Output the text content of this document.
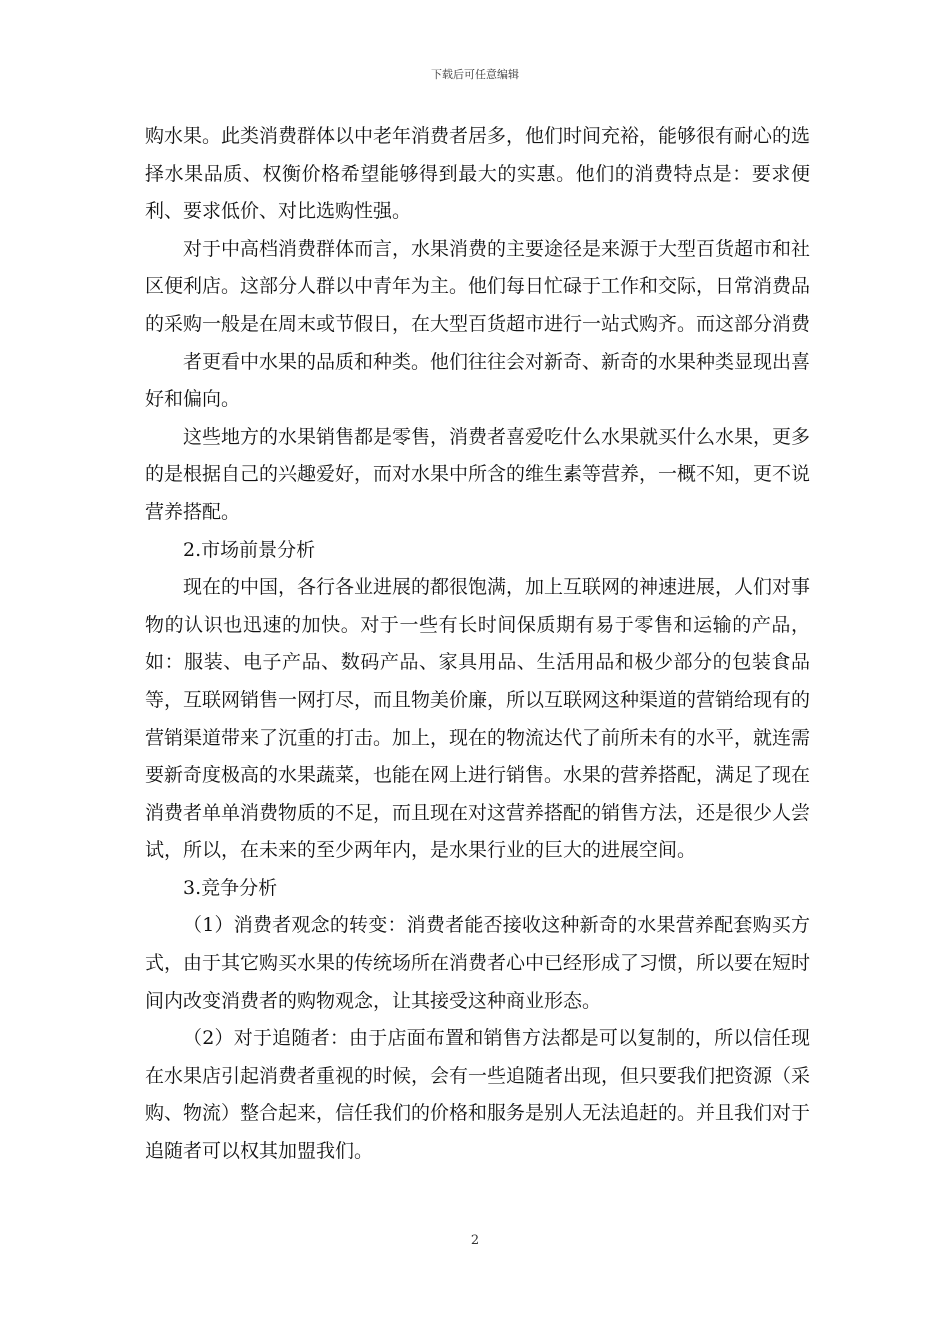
下载后可任意编辑

购水果。此类消费群体以中老年消费者居多，他们时间充裕，能够很有耐心的选择水果品质、权衡价格希望能够得到最大的实惠。他们的消费特点是：要求便利、要求低价、对比选购性强。

对于中高档消费群体而言，水果消费的主要途径是来源于大型百货超市和社区便利店。这部分人群以中青年为主。他们每日忙碌于工作和交际，日常消费品的采购一般是在周末或节假日，在大型百货超市进行一站式购齐。而这部分消费

者更看中水果的品质和种类。他们往往会对新奇、新奇的水果种类显现出喜好和偏向。

这些地方的水果销售都是零售，消费者喜爱吃什么水果就买什么水果，更多的是根据自己的兴趣爱好，而对水果中所含的维生素等营养，一概不知，更不说营养搭配。

2.市场前景分析

现在的中国，各行各业进展的都很饱满，加上互联网的神速进展，人们对事物的认识也迅速的加快。对于一些有长时间保质期有易于零售和运输的产品，如：服装、电子产品、数码产品、家具用品、生活用品和极少部分的包装食品等，互联网销售一网打尽，而且物美价廉，所以互联网这种渠道的营销给现有的营销渠道带来了沉重的打击。加上，现在的物流达代了前所未有的水平，就连需要新奇度极高的水果蔬菜，也能在网上进行销售。水果的营养搭配，满足了现在消费者单单消费物质的不足，而且现在对这营养搭配的销售方法，还是很少人尝试，所以，在未来的至少两年内，是水果行业的巨大的进展空间。

3.竞争分析

（1）消费者观念的转变：消费者能否接收这种新奇的水果营养配套购买方式，由于其它购买水果的传统场所在消费者心中已经形成了习惯，所以要在短时间内改变消费者的购物观念，让其接受这种商业形态。

（2）对于追随者：由于店面布置和销售方法都是可以复制的，所以信任现在水果店引起消费者重视的时候，会有一些追随者出现，但只要我们把资源（采购、物流）整合起来，信任我们的价格和服务是别人无法追赶的。并且我们对于追随者可以权其加盟我们。

2
